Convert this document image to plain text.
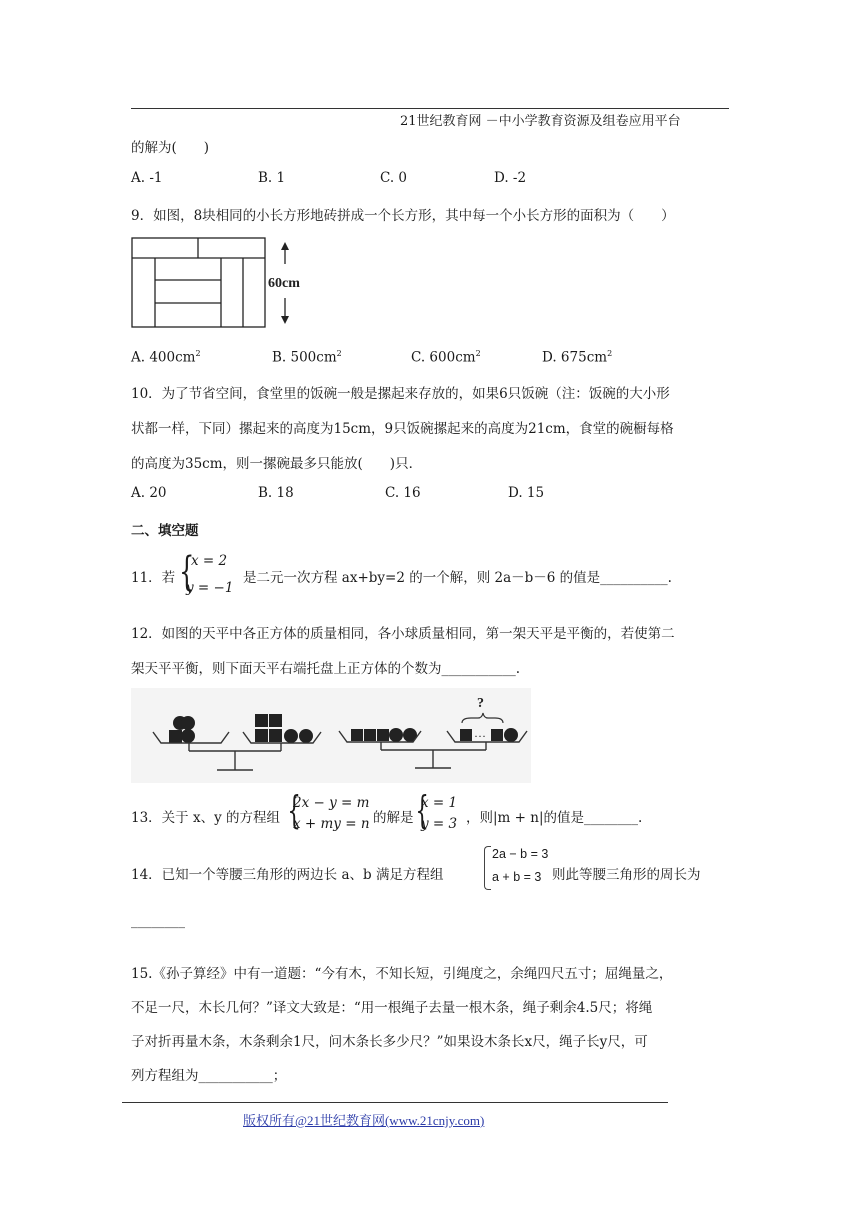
21世纪教育网 －中小学教育资源及组卷应用平台
的解为(　　)
A. -1	B. 1	C. 0	D. -2
9．如图，8块相同的小长方形地砖拼成一个长方形，其中每一个小长方形的面积为（　　）
60cm
A. $400cm^2$	B. $500cm^2$	C. $600cm^2$	D. $675cm^2$
10．为了节省空间，食堂里的饭碗一般是摞起来存放的，如果6只饭碗（注：饭碗的大小形
状都一样，下同）摞起来的高度为15cm，9只饭碗摞起来的高度为21cm，食堂的碗橱每格
的高度为35cm，则一摞碗最多只能放(　　)只．
A. 20	B. 18	C. 16	D. 15
二、填空题
11．若 {
x = 2
y = −1
是二元一次方程 ax+by=2 的一个解，则 2a－b－6 的值是__________.
12．如图的天平中各正方体的质量相同，各小球质量相同，第一架天平是平衡的，若使第二
架天平平衡，则下面天平右端托盘上正方体的个数为___________.
···
?
13．关于 x、y 的方程组 {
2x − y = m
x + my = n 的解是 {
x = 1
y = 3 ，则|m + n|的值是________.
14．已知一个等腰三角形的两边长 a、b 满足方程组
2a − b = 3
a + b = 3 则此等腰三角形的周长为
________
15.《孙子算经》中有一道题：“今有木，不知长短，引绳度之，余绳四尺五寸；屈绳量之，
不足一尺，木长几何？”译文大致是：“用一根绳子去量一根木条，绳子剩余4.5尺；将绳
子对折再量木条，木条剩余1尺，问木条长多少尺？”如果设木条长x尺，绳子长y尺，可
列方程组为___________；
版权所有@21世纪教育网(www.21cnjy.com)
